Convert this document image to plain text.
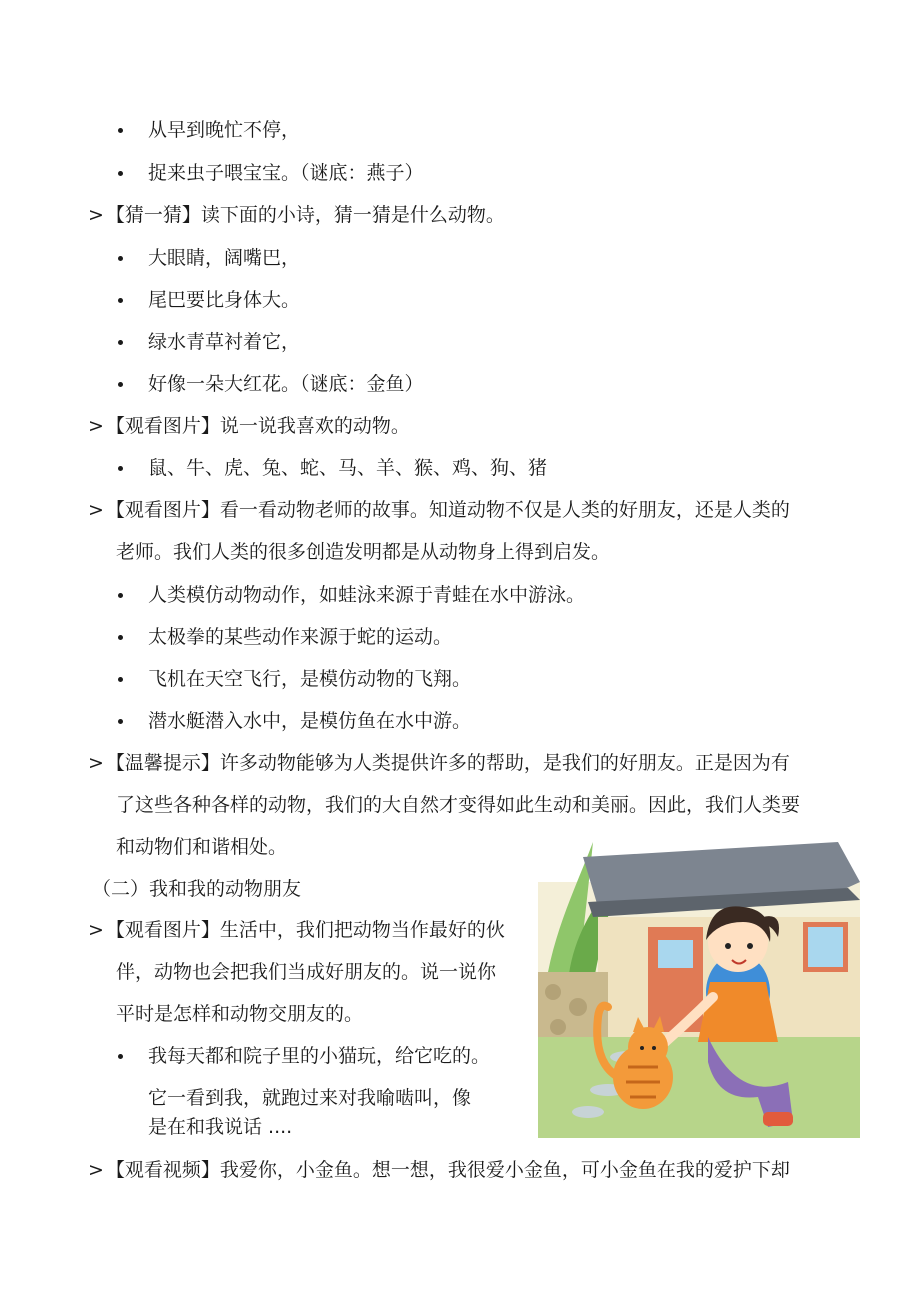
从早到晚忙不停，
捉来虫子喂宝宝。（谜底：燕子）
> 【猜一猜】读下面的小诗，猜一猜是什么动物。
大眼睛，阔嘴巴，
尾巴要比身体大。
绿水青草衬着它，
好像一朵大红花。（谜底：金鱼）
> 【观看图片】说一说我喜欢的动物。
鼠、牛、虎、兔、蛇、马、羊、猴、鸡、狗、猪
> 【观看图片】看一看动物老师的故事。知道动物不仅是人类的好朋友，还是人类的
老师。我们人类的很多创造发明都是从动物身上得到启发。
人类模仿动物动作，如蛙泳来源于青蛙在水中游泳。
太极拳的某些动作来源于蛇的运动。
飞机在天空飞行，是模仿动物的飞翔。
潜水艇潜入水中，是模仿鱼在水中游。
> 【温馨提示】许多动物能够为人类提供许多的帮助，是我们的好朋友。正是因为有
了这些各种各样的动物，我们的大自然才变得如此生动和美丽。因此，我们人类要
和动物们和谐相处。
（二）我和我的动物朋友
> 【观看图片】生活中，我们把动物当作最好的伙
伴，动物也会把我们当成好朋友的。说一说你
平时是怎样和动物交朋友的。
我每天都和院子里的小猫玩，给它吃的。
它一看到我，就跑过来对我喻啮叫，像
是在和我说话 ....
> 【观看视频】我爱你，小金鱼。想一想，我很爱小金鱼，可小金鱼在我的爱护下却
